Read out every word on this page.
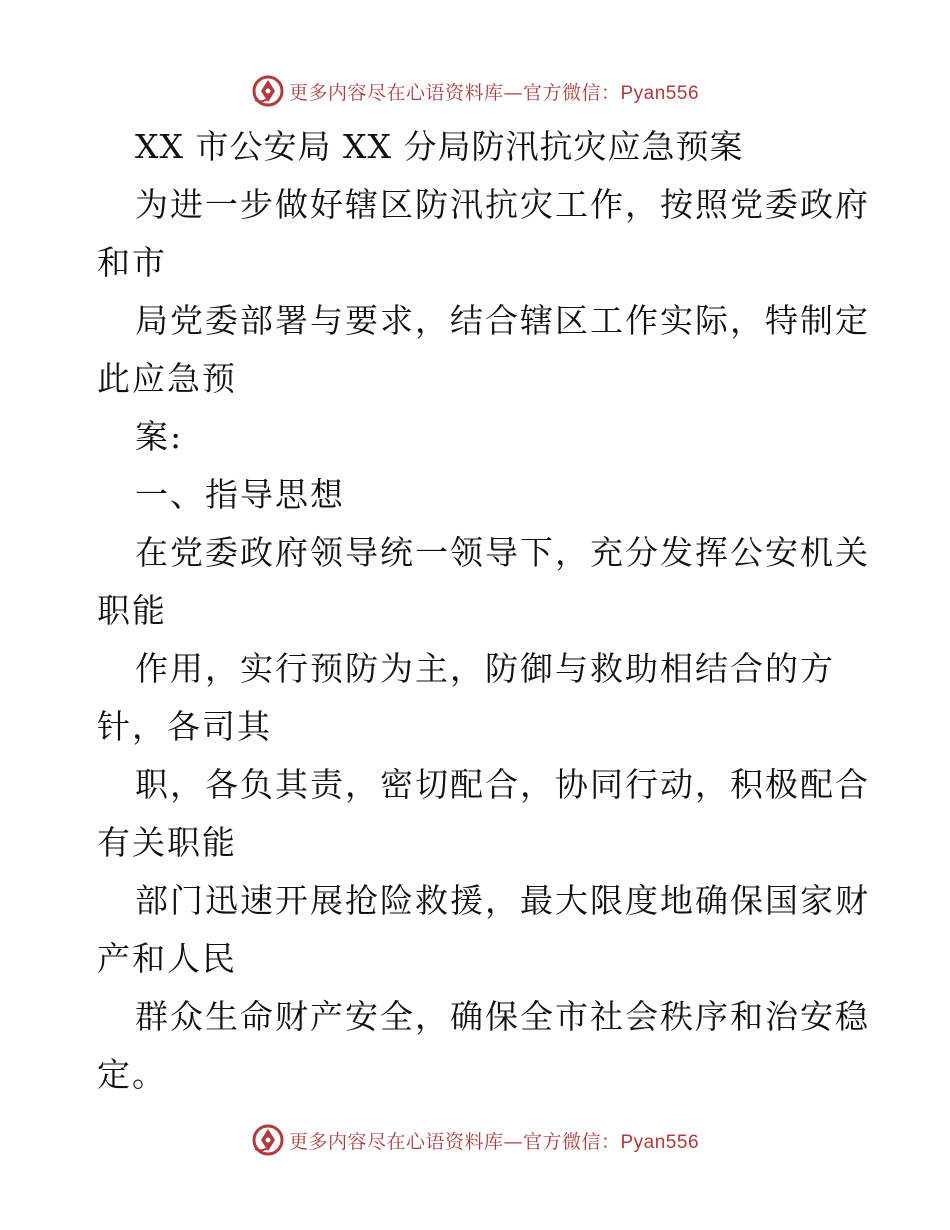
更多内容尽在心语资料库—官方微信：Pyan556
XX 市公安局 XX 分局防汛抗灾应急预案
为进一步做好辖区防汛抗灾工作，按照党委政府
和市
局党委部署与要求，结合辖区工作实际，特制定
此应急预
案:
一、指导思想
在党委政府领导统一领导下，充分发挥公安机关
职能
作用，实行预防为主，防御与救助相结合的方
针，各司其
职，各负其责，密切配合，协同行动，积极配合
有关职能
部门迅速开展抢险救援，最大限度地确保国家财
产和人民
群众生命财产安全，确保全市社会秩序和治安稳
定。
更多内容尽在心语资料库—官方微信：Pyan556
